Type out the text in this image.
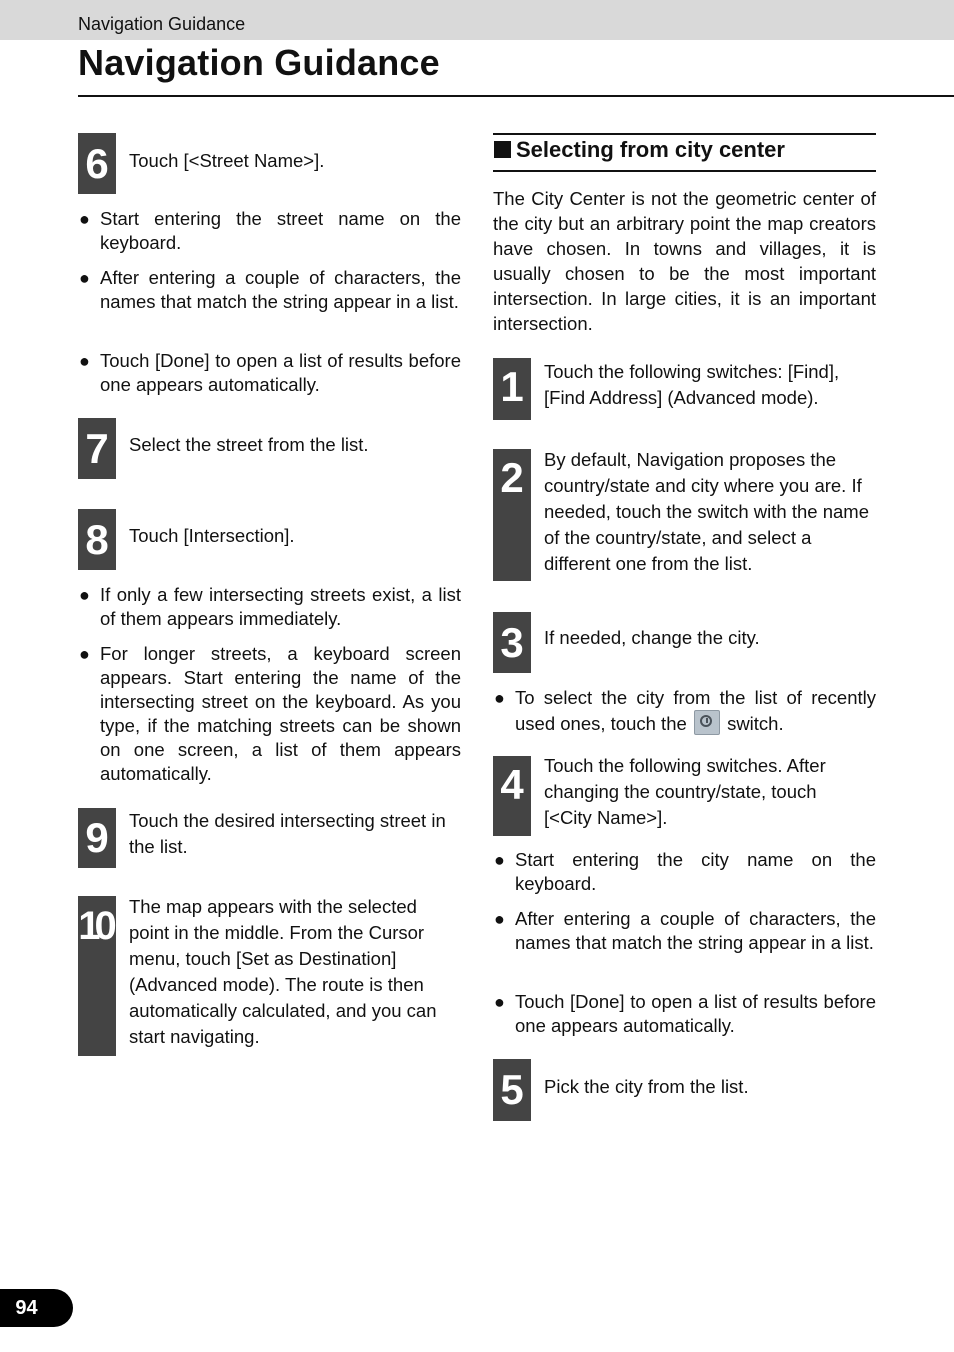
Navigation Guidance
Navigation Guidance
6	Touch [<Street Name>].
● Start entering the street name on the keyboard.
● After entering a couple of characters, the names that match the string appear in a list.
● Touch [Done] to open a list of results before one appears automatically.
7	Select the street from the list.
8	Touch [Intersection].
● If only a few intersecting streets exist, a list of them appears immediately.
● For longer streets, a keyboard screen appears. Start entering the name of the intersecting street on the keyboard. As you type, if the matching streets can be shown on one screen, a list of them appears automatically.
9	Touch the desired intersecting street in the list.
10 The map appears with the selected point in the middle. From the Cursor menu, touch [Set as Destination] (Advanced mode). The route is then automatically calculated, and you can start navigating.
Selecting from city center
The City Center is not the geometric center of the city but an arbitrary point the map creators have chosen. In towns and villages, it is usually chosen to be the most important intersection. In large cities, it is an important intersection.
1	Touch the following switches: [Find], [Find Address] (Advanced mode).
2	By default, Navigation proposes the country/state and city where you are. If needed, touch the switch with the name of the country/state, and select a different one from the list.
3	If needed, change the city.
● To select the city from the list of recently used ones, touch the switch.
4	Touch the following switches. After changing the country/state, touch [<City Name>].
● Start entering the city name on the keyboard.
● After entering a couple of characters, the names that match the string appear in a list.
● Touch [Done] to open a list of results before one appears automatically.
5	Pick the city from the list.
94
